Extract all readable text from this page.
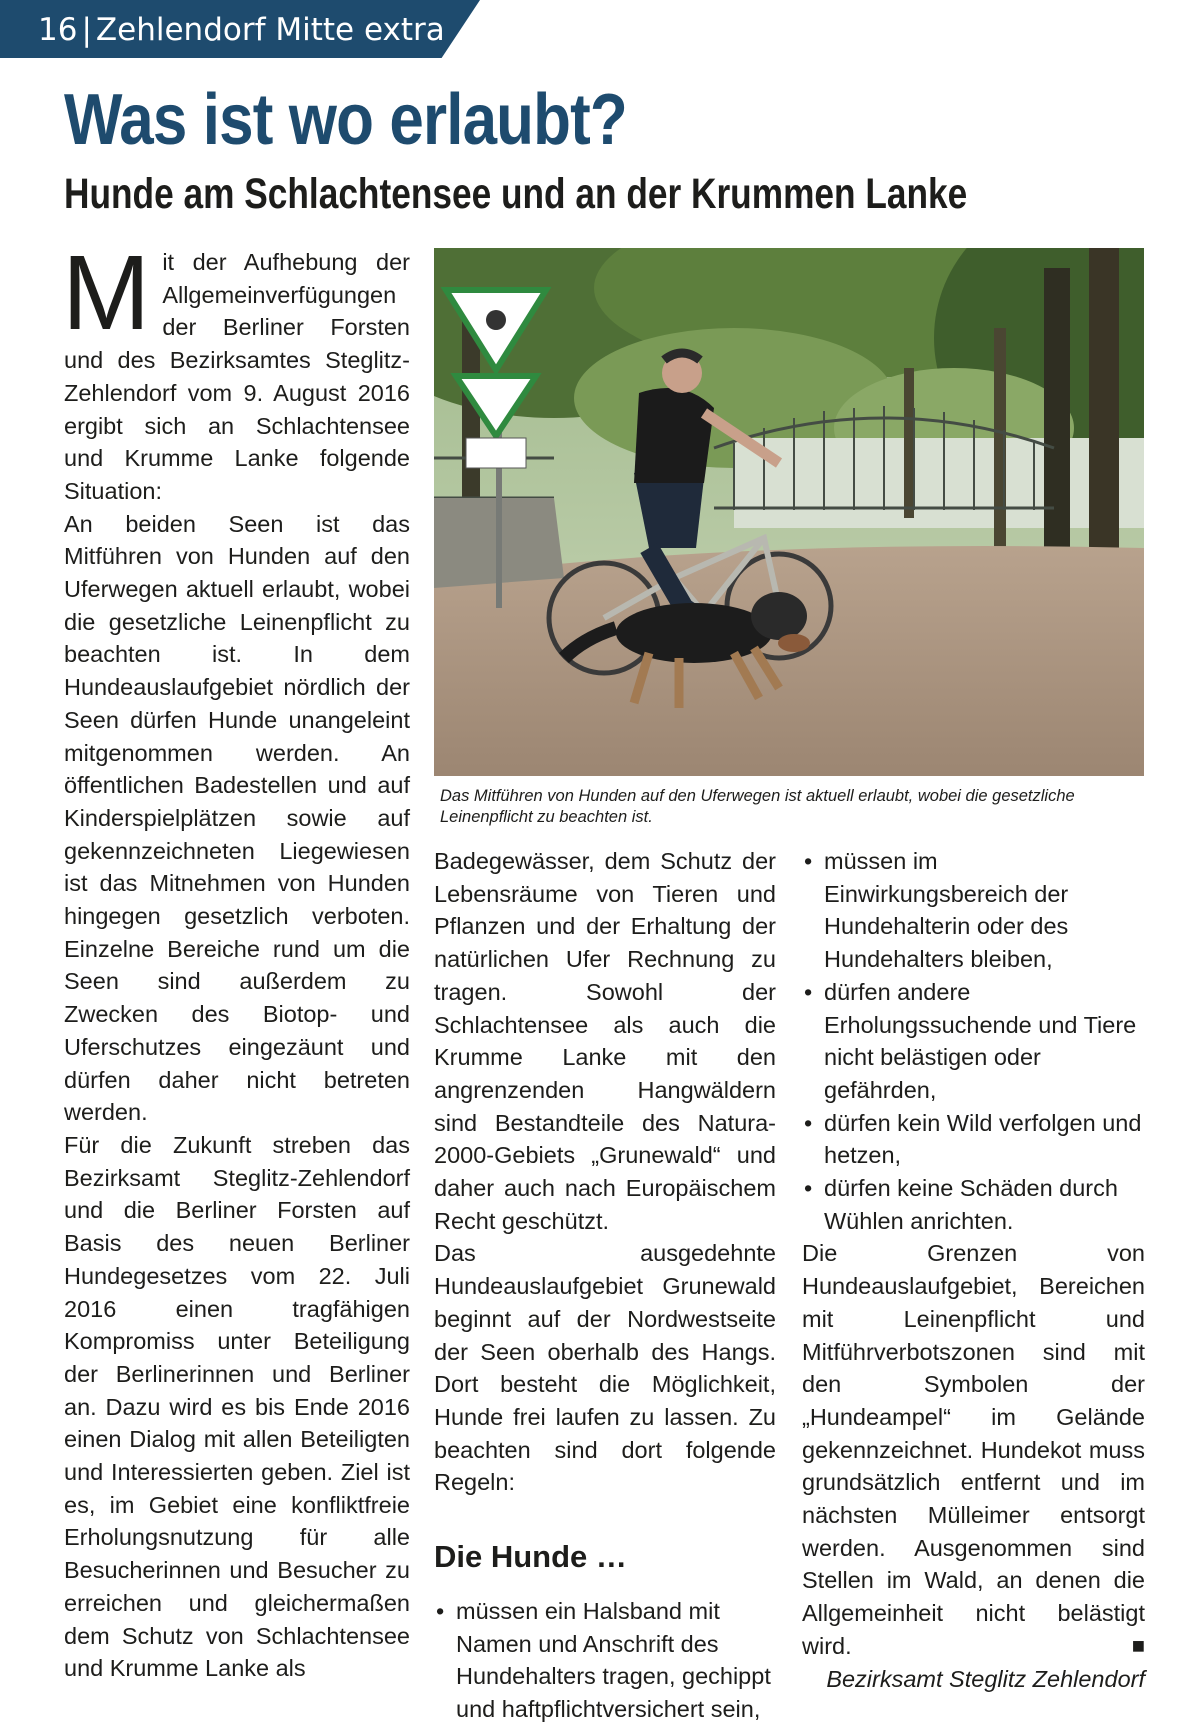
16 | Zehlendorf Mitte extra
Was ist wo erlaubt?
Hunde am Schlachtensee und an der Krummen Lanke

Mit der Aufhebung der Allgemeinverfügungen der Berliner Forsten und des Bezirksamtes Steglitz-Zehlendorf vom 9. August 2016 ergibt sich an Schlachtensee und Krumme Lanke folgende Situation:

An beiden Seen ist das Mitführen von Hunden auf den Uferwegen aktuell erlaubt, wobei die gesetzliche Leinenpflicht zu beachten ist. In dem Hundeauslaufgebiet nördlich der Seen dürfen Hunde unangeleint mitgenommen werden. An öffentlichen Badestellen und auf Kinderspielplätzen sowie auf gekennzeichneten Liegewiesen ist das Mitnehmen von Hunden hingegen gesetzlich verboten. Einzelne Bereiche rund um die Seen sind außerdem zu Zwecken des Biotop- und Uferschutzes eingezäunt und dürfen daher nicht betreten werden.

Für die Zukunft streben das Bezirksamt Steglitz-Zehlendorf und die Berliner Forsten auf Basis des neuen Berliner Hundegesetzes vom 22. Juli 2016 einen tragfähigen Kompromiss unter Beteiligung der Berlinerinnen und Berliner an. Dazu wird es bis Ende 2016 einen Dialog mit allen Beteiligten und Interessierten geben. Ziel ist es, im Gebiet eine konfliktfreie Erholungsnutzung für alle Besucherinnen und Besucher zu erreichen und gleichermaßen dem Schutz von Schlachtensee und Krumme Lanke als

Das Mitführen von Hunden auf den Uferwegen ist aktuell erlaubt, wobei die gesetzliche Leinenpflicht zu beachten ist.

Badegewässer, dem Schutz der Lebensräume von Tieren und Pflanzen und der Erhaltung der natürlichen Ufer Rechnung zu tragen. Sowohl der Schlachtensee als auch die Krumme Lanke mit den angrenzenden Hangwäldern sind Bestandteile des Natura-2000-Gebiets „Grunewald“ und daher auch nach Europäischem Recht geschützt.

Das ausgedehnte Hundeauslaufgebiet Grunewald beginnt auf der Nordwestseite der Seen oberhalb des Hangs. Dort besteht die Möglichkeit, Hunde frei laufen zu lassen. Zu beachten sind dort folgende Regeln:

Die Hunde …

• müssen ein Halsband mit Namen und Anschrift des Hundehalters tragen, gechippt und haftpflichtversichert sein,
• müssen im Einwirkungsbereich der Hundehalterin oder des Hundehalters bleiben,
• dürfen andere Erholungssuchende und Tiere nicht belästigen oder gefährden,
• dürfen kein Wild verfolgen und hetzen,
• dürfen keine Schäden durch Wühlen anrichten.

Die Grenzen von Hundeauslaufgebiet, Bereichen mit Leinenpflicht und Mitführverbotszonen sind mit den Symbolen der „Hundeampel“ im Gelände gekennzeichnet. Hundekot muss grundsätzlich entfernt und im nächsten Mülleimer entsorgt werden. Ausgenommen sind Stellen im Wald, an denen die Allgemeinheit nicht belästigt wird.	■

Bezirksamt Steglitz Zehlendorf
